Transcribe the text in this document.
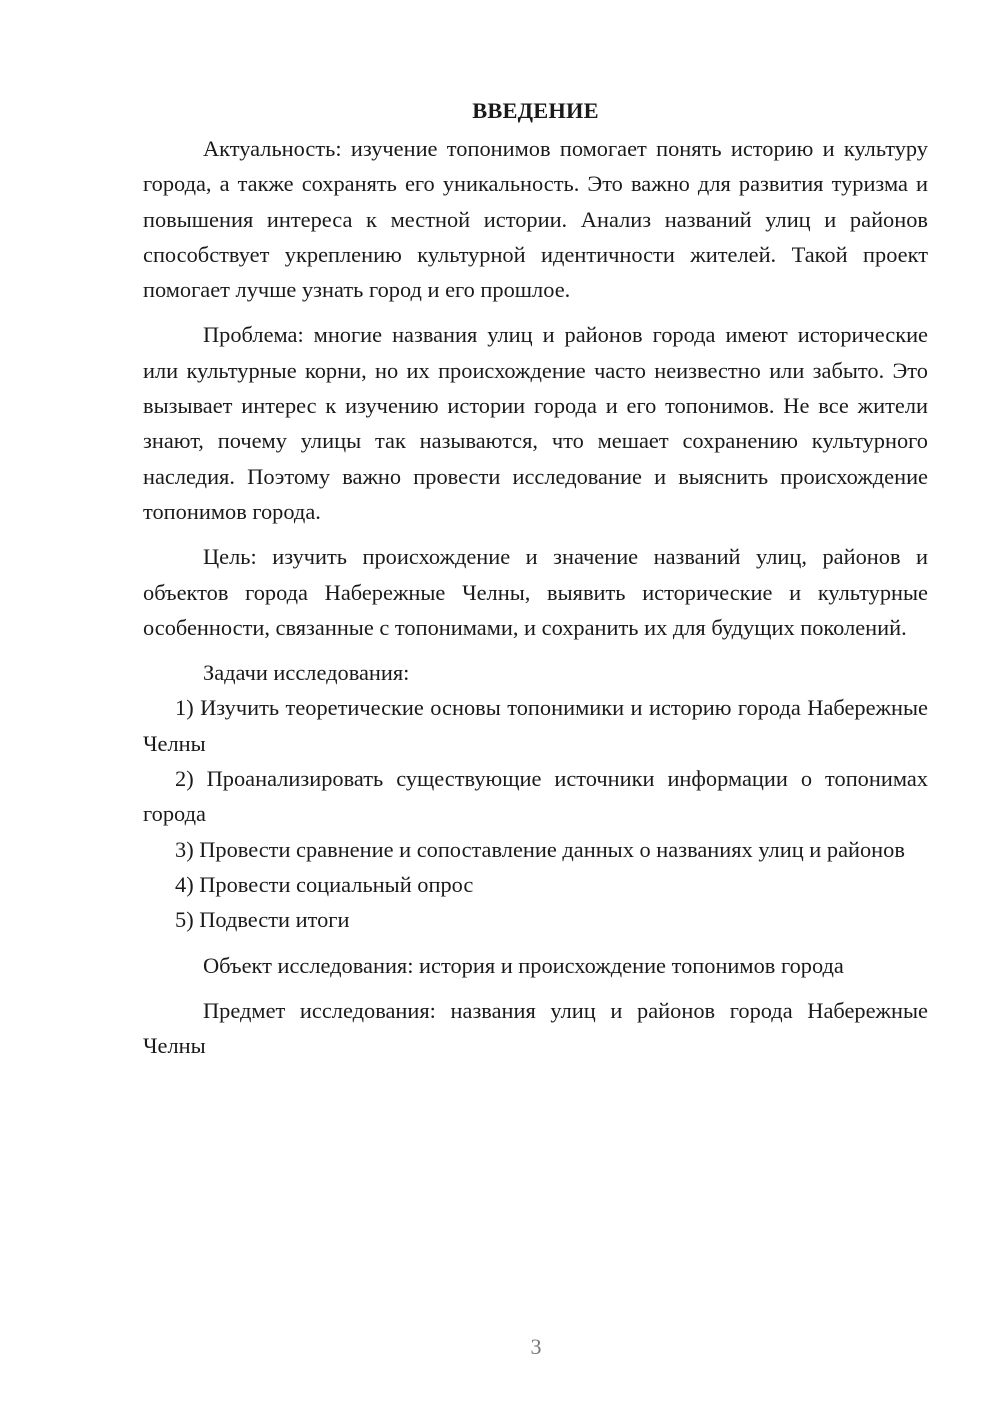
ВВЕДЕНИЕ

Актуальность: изучение топонимов помогает понять историю и культуру города, а также сохранять его уникальность. Это важно для развития туризма и повышения интереса к местной истории. Анализ названий улиц и районов способствует укреплению культурной идентичности жителей. Такой проект помогает лучше узнать город и его прошлое.

Проблема: многие названия улиц и районов города имеют исторические или культурные корни, но их происхождение часто неизвестно или забыто. Это вызывает интерес к изучению истории города и его топонимов. Не все жители знают, почему улицы так называются, что мешает сохранению культурного наследия. Поэтому важно провести исследование и выяснить происхождение топонимов города.

Цель: изучить происхождение и значение названий улиц, районов и объектов города Набережные Челны, выявить исторические и культурные особенности, связанные с топонимами, и сохранить их для будущих поколений.

Задачи исследования:

1) Изучить теоретические основы топонимики и историю города Набережные Челны

2) Проанализировать существующие источники информации о топонимах города

3) Провести сравнение и сопоставление данных о названиях улиц и районов

4) Провести социальный опрос

5) Подвести итоги

Объект исследования: история и происхождение топонимов города

Предмет исследования: названия улиц и районов города Набережные Челны

3
